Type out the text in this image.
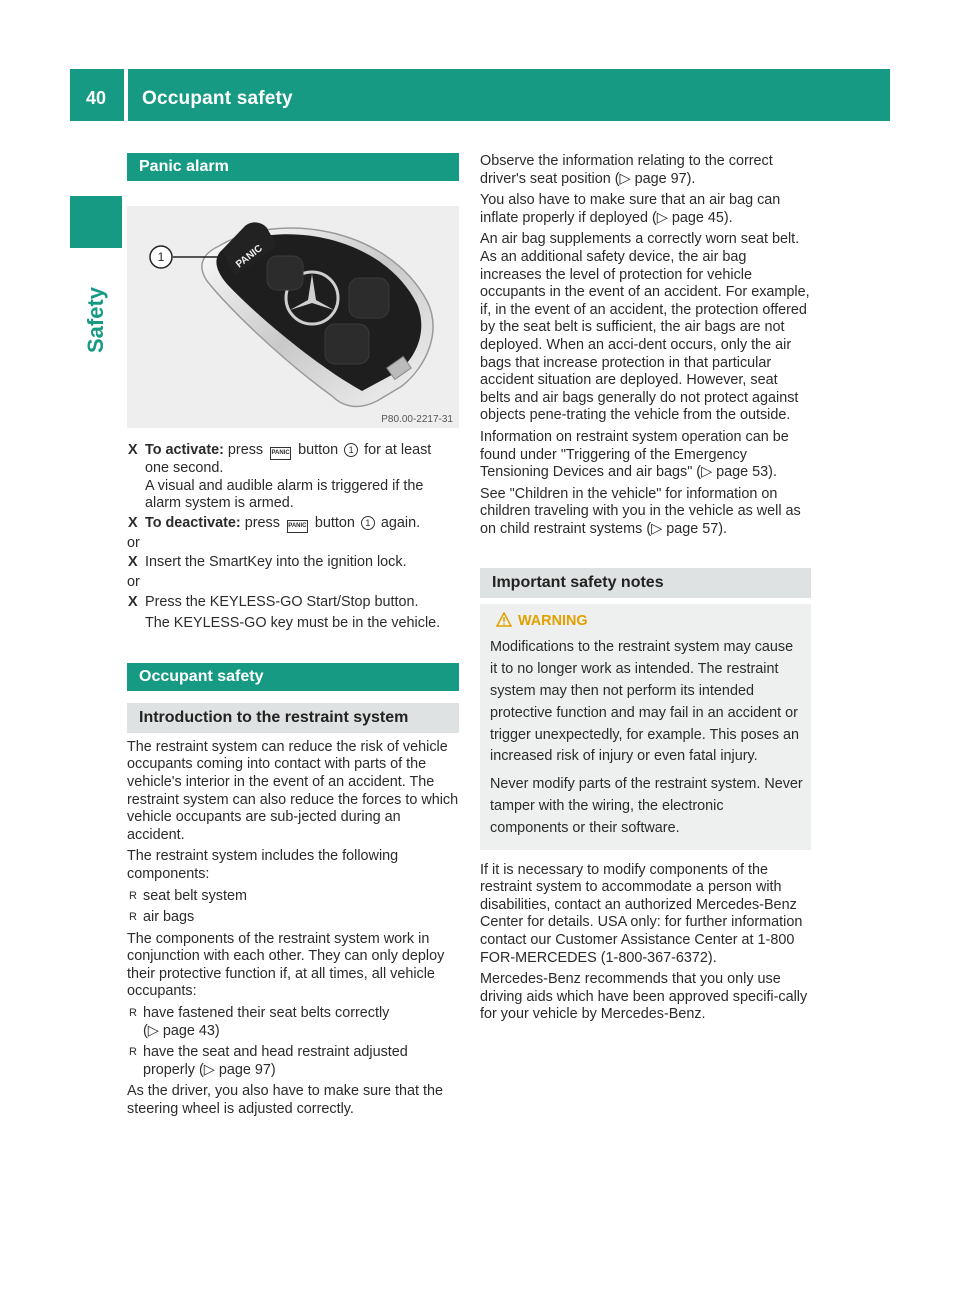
40 Occupant safety
Safety
Panic alarm
1	PANIC
P80.00-2217-31
X To activate: press PANIC button 1 for at least one second.
A visual and audible alarm is triggered if the alarm system is armed.
X To deactivate: press PANIC button 1 again.

or

X Insert the SmartKey into the ignition lock.

or

X Press the KEYLESS-GO Start/Stop button.

The KEYLESS-GO key must be in the vehicle.

Occupant safety
Introduction to the restraint system

The restraint system can reduce the risk of vehicle occupants coming into contact with parts of the vehicle's interior in the event of an accident. The restraint system can also reduce the forces to which vehicle occupants are sub-jected during an accident.

The restraint system includes the following components:

R seat belt system
R air bags

The components of the restraint system work in conjunction with each other. They can only deploy their protective function if, at all times, all vehicle occupants:

R have fastened their seat belts correctly
(▷ page 43)
R have the seat and head restraint adjusted properly (▷ page 97)

As the driver, you also have to make sure that the steering wheel is adjusted correctly.

Observe the information relating to the correct driver's seat position (▷ page 97).

You also have to make sure that an air bag can inflate properly if deployed (▷ page 45).

An air bag supplements a correctly worn seat belt. As an additional safety device, the air bag increases the level of protection for vehicle occupants in the event of an accident. For example, if, in the event of an accident, the protection offered by the seat belt is sufficient, the air bags are not deployed. When an acci-dent occurs, only the air bags that increase protection in that particular accident situation are deployed. However, seat belts and air bags generally do not protect against objects pene-trating the vehicle from the outside.

Information on restraint system operation can be found under "Triggering of the Emergency Tensioning Devices and air bags" (▷ page 53).

See "Children in the vehicle" for information on children traveling with you in the vehicle as well as on child restraint systems (▷ page 57).

Important safety notes
WARNING

Modifications to the restraint system may cause it to no longer work as intended. The restraint system may then not perform its intended protective function and may fail in an accident or trigger unexpectedly, for example. This poses an increased risk of injury or even fatal injury.

Never modify parts of the restraint system. Never tamper with the wiring, the electronic components or their software.

If it is necessary to modify components of the restraint system to accommodate a person with disabilities, contact an authorized Mercedes-Benz Center for details. USA only: for further information contact our Customer Assistance Center at 1-800 FOR-MERCEDES (1-800-367-6372).

Mercedes-Benz recommends that you only use driving aids which have been approved specifi-cally for your vehicle by Mercedes-Benz.
